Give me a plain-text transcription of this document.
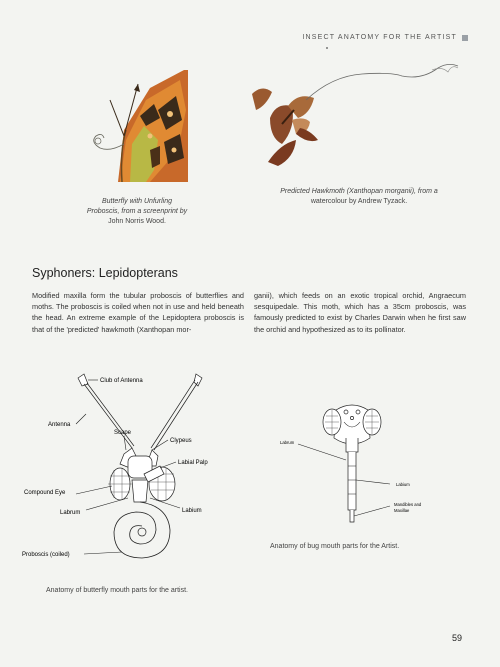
INSECT ANATOMY FOR THE ARTIST
Butterfly with Unfurling
Proboscis, from a screenprint by
John Norris Wood.
Predicted Hawkmoth (Xanthopan morganii), from a
watercolour by Andrew Tyzack.
Syphoners: Lepidopterans
Modified maxilla form the tubular proboscis of butterflies and moths. The proboscis is coiled when not in use and held beneath the head. An extreme example of the Lepidoptera proboscis is that of the 'predicted' hawkmoth (Xanthopan mor-
ganii), which feeds on an exotic tropical orchid, Angraecum sesquipedale. This moth, which has a 35cm proboscis, was famously predicted to exist by Charles Darwin when he first saw the orchid and hypothesized as to its pollinator.
Club of Antenna
Antenna
Scape
Clypeus
Labial Palp
Compound Eye
Labrum	Labium
Proboscis (coiled)
Anatomy of butterfly mouth parts for the artist.
Labrum
Labium
Mandibles and
Maxillae
Anatomy of bug mouth parts for the Artist.
59
